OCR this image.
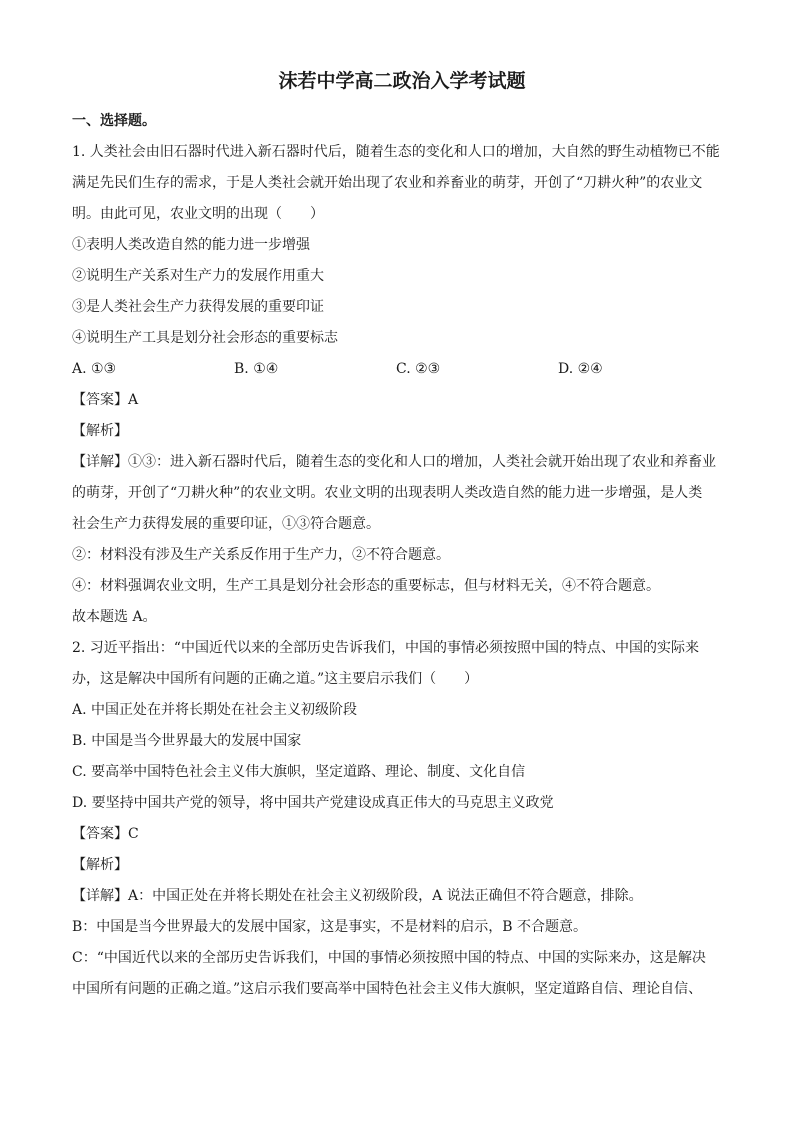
沫若中学高二政治入学考试题
一、选择题。
1. 人类社会由旧石器时代进入新石器时代后，随着生态的变化和人口的增加，大自然的野生动植物已不能
满足先民们生存的需求，于是人类社会就开始出现了农业和养畜业的萌芽，开创了“刀耕火种”的农业文
明。由此可见，农业文明的出现（　　）
①表明人类改造自然的能力进一步增强
②说明生产关系对生产力的发展作用重大
③是人类社会生产力获得发展的重要印证
④说明生产工具是划分社会形态的重要标志
A. ①③	B. ①④	C. ②③	D. ②④
【答案】A
【解析】
【详解】①③：进入新石器时代后，随着生态的变化和人口的增加，人类社会就开始出现了农业和养畜业
的萌芽，开创了“刀耕火种”的农业文明。农业文明的出现表明人类改造自然的能力进一步增强，是人类
社会生产力获得发展的重要印证，①③符合题意。
②：材料没有涉及生产关系反作用于生产力，②不符合题意。
④：材料强调农业文明，生产工具是划分社会形态的重要标志，但与材料无关，④不符合题意。
故本题选 A。
2. 习近平指出：“中国近代以来的全部历史告诉我们，中国的事情必须按照中国的特点、中国的实际来
办，这是解决中国所有问题的正确之道。”这主要启示我们（　　）
A. 中国正处在并将长期处在社会主义初级阶段
B. 中国是当今世界最大的发展中国家
C. 要高举中国特色社会主义伟大旗帜，坚定道路、理论、制度、文化自信
D. 要坚持中国共产党的领导，将中国共产党建设成真正伟大的马克思主义政党
【答案】C
【解析】
【详解】A：中国正处在并将长期处在社会主义初级阶段，A 说法正确但不符合题意，排除。
B：中国是当今世界最大的发展中国家，这是事实，不是材料的启示，B 不合题意。
C：“中国近代以来的全部历史告诉我们，中国的事情必须按照中国的特点、中国的实际来办，这是解决
中国所有问题的正确之道。”这启示我们要高举中国特色社会主义伟大旗帜，坚定道路自信、理论自信、
